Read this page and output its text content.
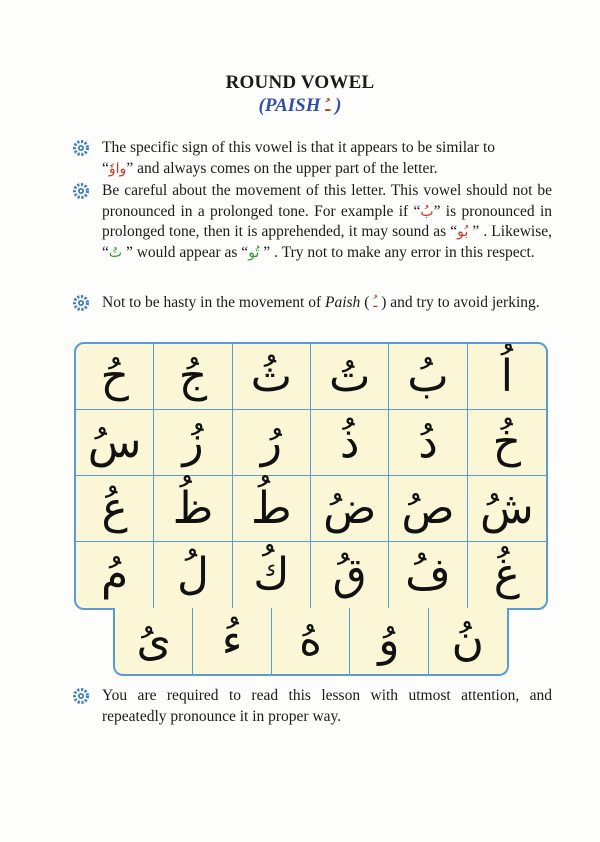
ROUND VOWEL
(PAISH ـُ )
The specific sign of this vowel is that it appears to be similar to
“واوٗ” and always comes on the upper part of the letter.
Be careful about the movement of this letter. This vowel should not be pronounced in a prolonged tone. For example if “بُ” is pronounced in prolonged tone, then it is apprehended, it may sound as “بُو ” . Likewise, “تُ ” would appear as “تُو ” . Try not to make any error in this respect.
Not to be hasty in the movement of Paish ( ـُ ) and try to avoid jerking.
حُ	جُ ثُ تُ بُ	اُ
سُ زُ	رُ	ذُ	دُ	خُ
عُ	ظُ طُ ضُ صُ شُ
مُ	لُ	كُ قُ فُ غُ
ىُ	ءُ	هُ	وُ	نُ
You are required to read this lesson with utmost attention, and repeatedly pronounce it in proper way.
